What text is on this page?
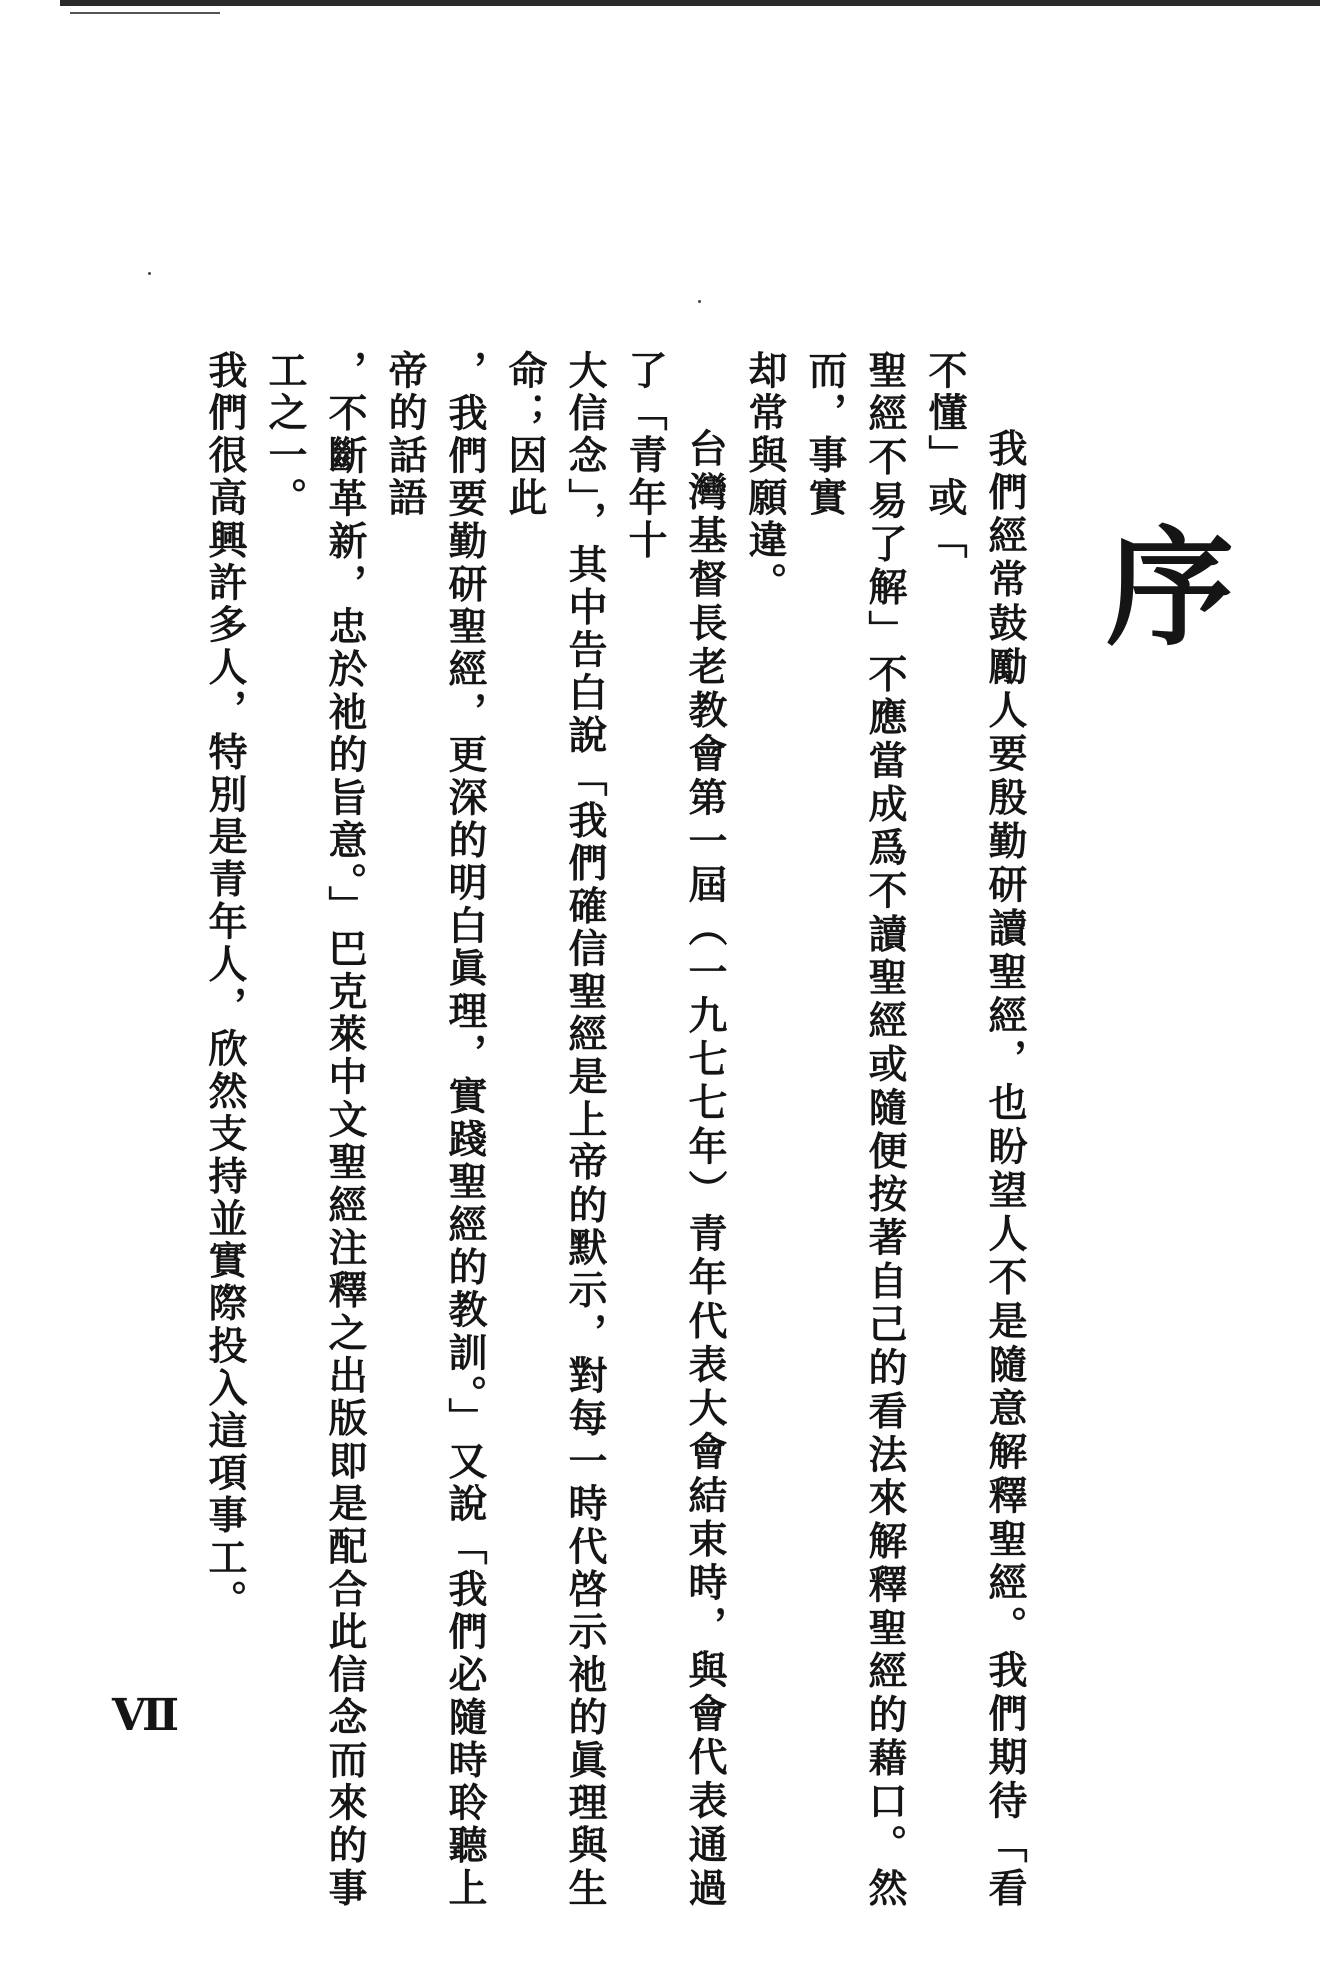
序

我們經常鼓勵人要殷勤研讀聖經，也盼望人不是隨意解釋聖經。我們期待「看不懂」或「
聖經不易了解」不應當成爲不讀聖經或隨便按著自己的看法來解釋聖經的藉口。然而，事實
却常與願違。

台灣基督長老教會第一屆（一九七七年）青年代表大會結束時，與會代表通過了「青年十
大信念」，其中告白說「我們確信聖經是上帝的默示，對每一時代啓示祂的眞理與生命；因此
，我們要勤研聖經，更深的明白眞理，實踐聖經的教訓。」又說「我們必隨時聆聽上帝的話語
，不斷革新，忠於祂的旨意。」巴克萊中文聖經注釋之出版即是配合此信念而來的事工之一。
我們很高興許多人，特別是青年人，欣然支持並實際投入這項事工。

Ⅶ
